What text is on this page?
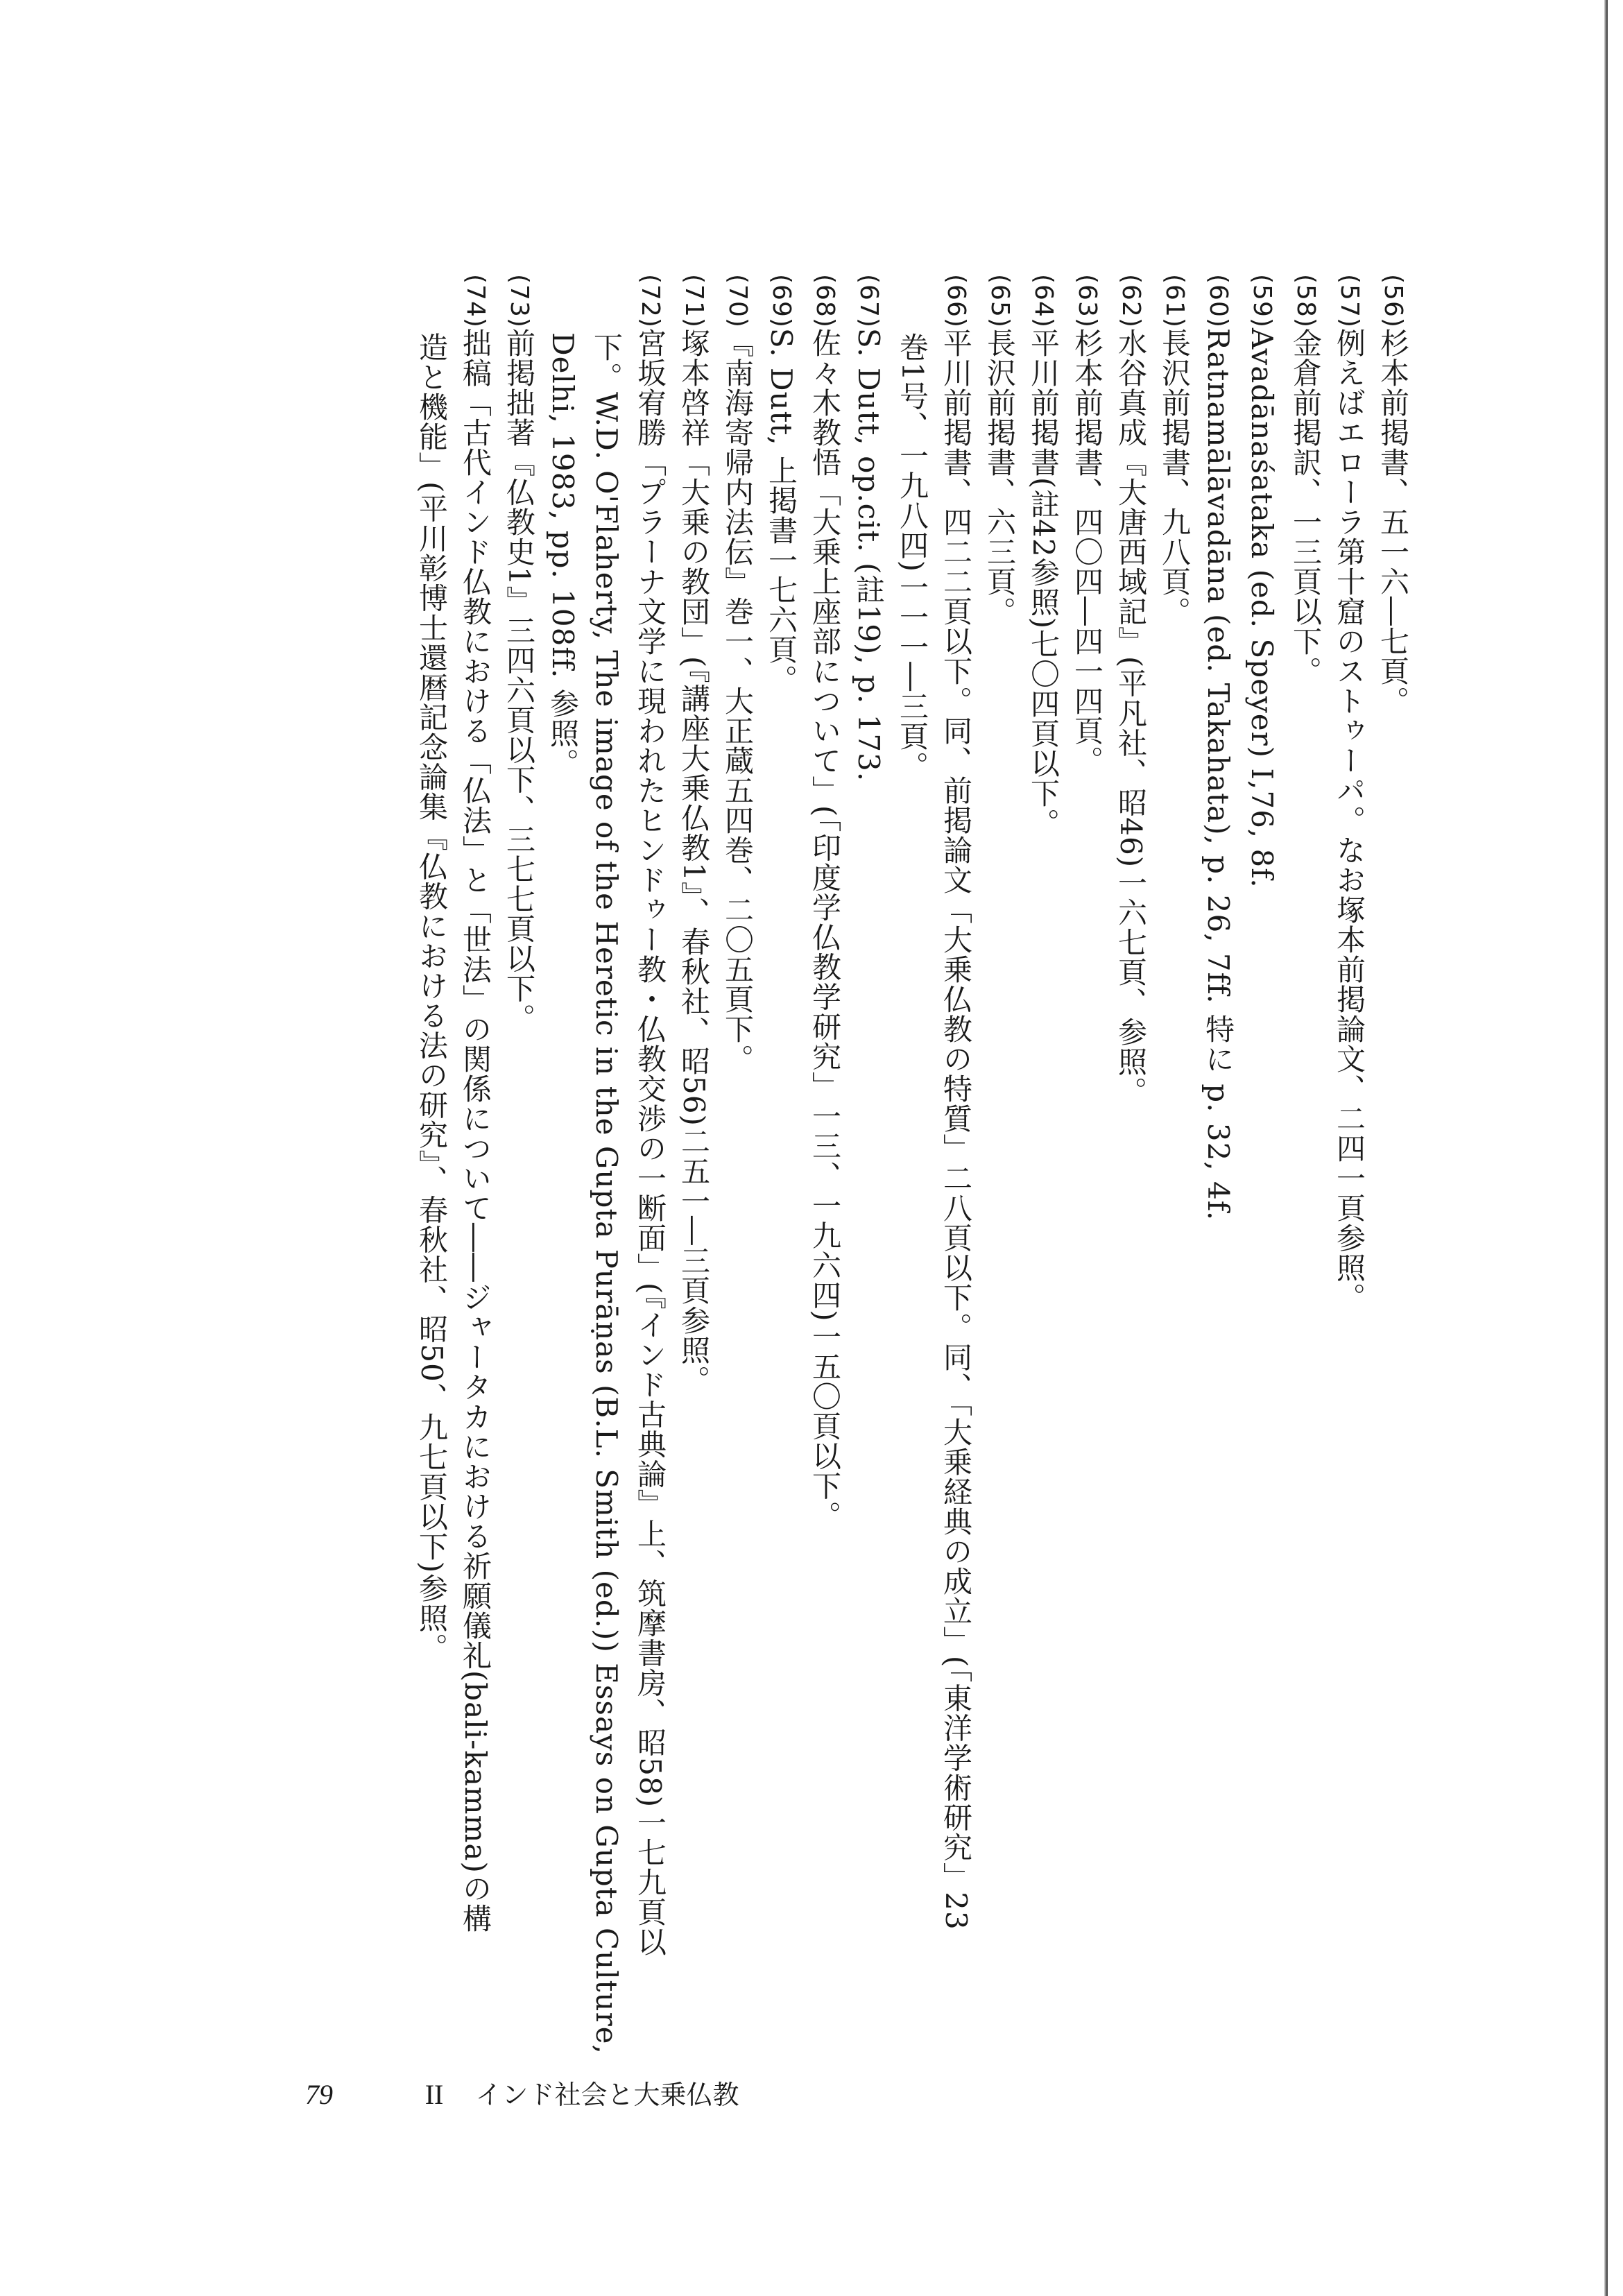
(56)杉本前掲書、五一六―七頁。
(57)例えばエローラ第十窟のストゥーパ。なお塚本前掲論文、二四一頁参照。
(58)金倉前掲訳、一三頁以下。
(59)Avadānaśataka (ed. Speyer) I,76, 8f.
(60)Ratnamālāvadāna (ed. Takahata), p. 26, 7ff. 特に p. 32, 4f.
(61)長沢前掲書、九八頁。
(62)水谷真成『大唐西域記』(平凡社、昭46)一六七頁、参照。
(63)杉本前掲書、四〇四―四一四頁。
(64)平川前掲書(註42参照)七〇四頁以下。
(65)長沢前掲書、六三頁。
(66)平川前掲書、四二二頁以下。同、前掲論文「大乗仏教の特質」二八頁以下。同、「大乗経典の成立」(「東洋学術研究」23
巻1号、一九八四)一一一―三頁。
(67)S. Dutt, op.cit. (註19), p. 173.
(68)佐々木教悟「大乗上座部について」(「印度学仏教学研究」一三、一九六四)一五〇頁以下。
(69)S. Dutt, 上掲書一七六頁。
(70)『南海寄帰内法伝』巻一、大正蔵五四巻、二〇五頁下。
(71)塚本啓祥「大乗の教団」(『講座大乗仏教1』、春秋社、昭56)二五一―三頁参照。
(72)宮坂宥勝「プラーナ文学に現われたヒンドゥー教・仏教交渉の一断面」(『インド古典論』上、筑摩書房、昭58)一七九頁以
下。W.D. O'Flaherty, The image of the Heretic in the Gupta Purāṇas (B.L. Smith (ed.)) Essays on Gupta Culture,
Delhi, 1983, pp. 108ff. 参照。
(73)前掲拙著『仏教史1』三四六頁以下、三七七頁以下。
(74)拙稿「古代インド仏教における「仏法」と「世法」の関係について――ジャータカにおける祈願儀礼(bali-kamma)の構
造と機能」(平川彰博士還暦記念論集『仏教における法の研究』、春秋社、昭50、九七頁以下)参照。
79	II インド社会と大乗仏教
